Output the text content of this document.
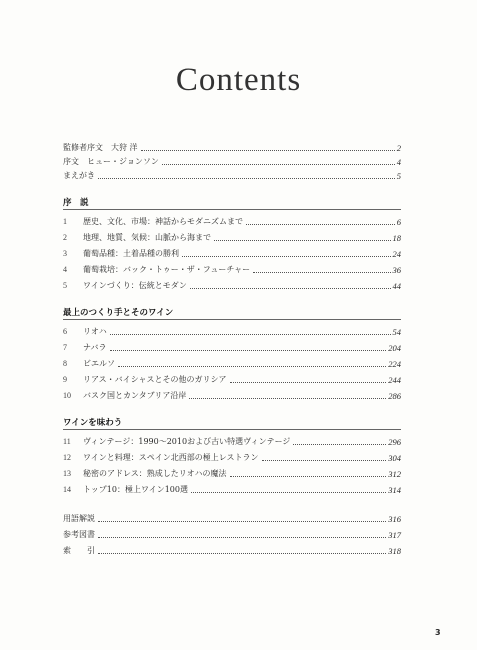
Contents
監修者序文　大狩 洋	2
序文　ヒュー・ジョンソン	4
まえがき	5
序　説
1	歴史、文化、市場：神話からモダニズムまで	6
2	地理、地質、気候：山脈から海まで	18
3	葡萄品種：土着品種の勝利	24
4	葡萄栽培：バック・トゥー・ザ・フューチャー	36
5	ワインづくり：伝統とモダン	44
最上のつくり手とそのワイン
6	リオハ	54
7	ナバラ	204
8	ビエルソ	224
9	リアス・バイシャスとその他のガリシア	244
10	バスク国とカンタブリア沿岸	286
ワインを味わう
11	ヴィンテージ：1990～2010および古い特選ヴィンテージ	296
12	ワインと料理：スペイン北西部の極上レストラン	304
13	秘密のアドレス：熟成したリオハの魔法	312
14	トップ10：極上ワイン100選	314
用語解説	316
参考図書	317
索　　引	318
3
